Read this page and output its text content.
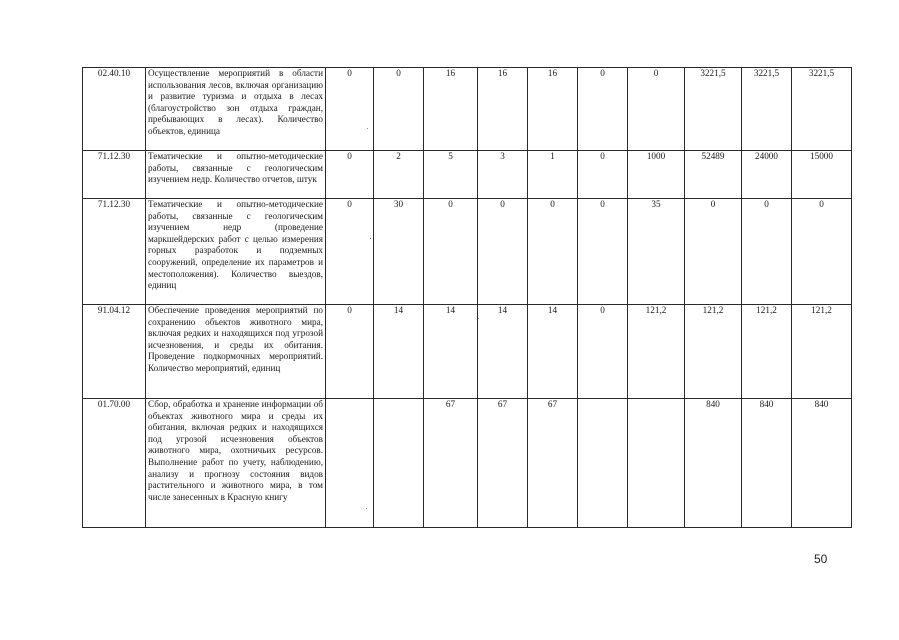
02.40.10	Осуществление мероприятий в области использования лесов, включая организацию и развитие туризма и отдыха в лесах (благоустройство зон отдыха граждан, пребывающих в лесах). Количество объектов, единица	0	0	16	16	16	0	0	3221,5	3221,5	3221,5
71.12.30	Тематические и опытно-методические работы, связанные с геологическим изучением недр. Количество отчетов, штук	0	2	5	3	1	0	1000	52489	24000	15000
71.12.30	Тематические и опытно-методические работы, связанные с геологическим изучением недр (проведение маркшейдерских работ с целью измерения горных разработок и подземных сооружений, определение их параметров и местоположения). Количество выездов, единиц	0	30	0	0	0	0	35	0	0	0
91.04.12	Обеспечение проведения мероприятий по сохранению объектов животного мира, включая редких и находящихся под угрозой исчезновения, и среды их обитания. Проведение подкормочных мероприятий. Количество мероприятий, единиц	0	14	14	14	14	0	121,2	121,2	121,2	121,2
01.70.00	Сбор, обработка и хранение информации об объектах животного мира и среды их обитания, включая редких и находящихся под угрозой исчезновения объектов животного мира, охотничьих ресурсов. Выполнение работ по учету, наблюдению, анализу и прогнозу состояния видов растительного и животного мира, в том числе занесенных в Красную книгу			67	67	67			840	840	840
50
